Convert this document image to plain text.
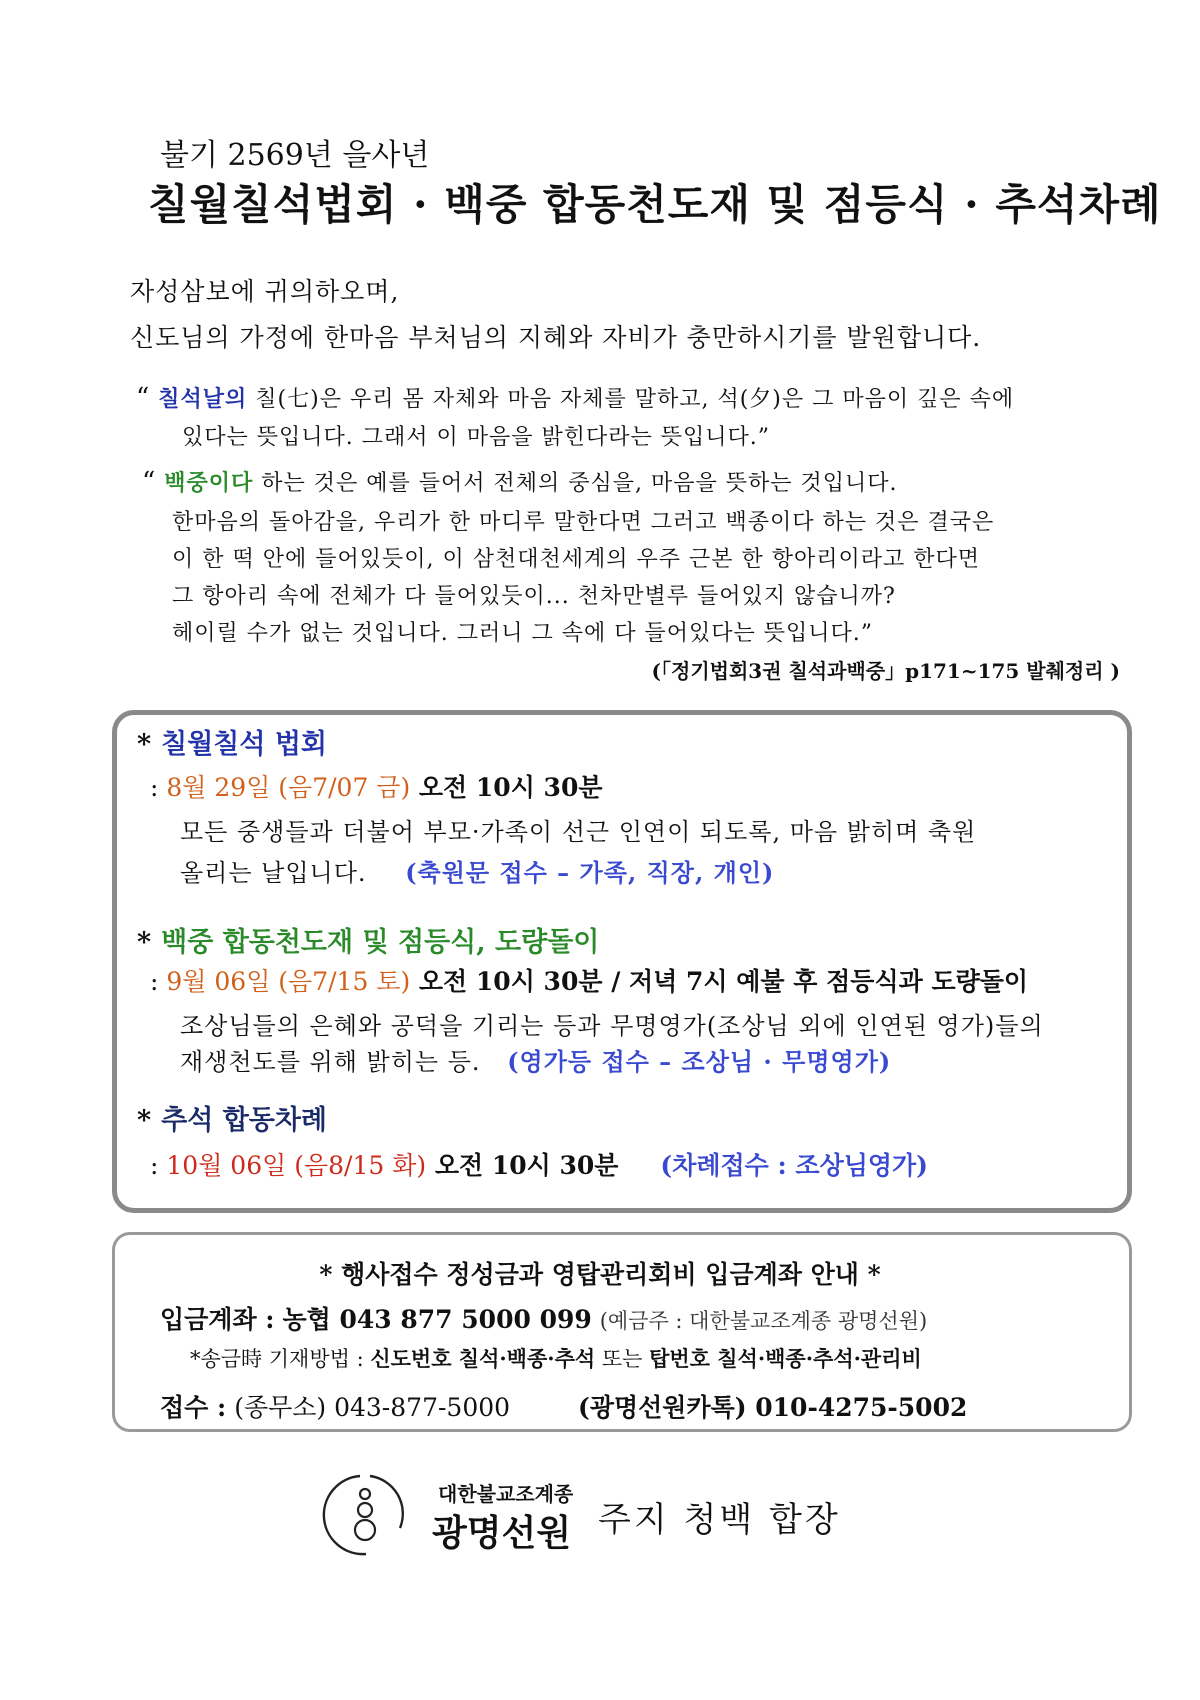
불기 2569년 을사년
칠월칠석법회 · 백중 합동천도재 및 점등식 · 추석차례
자성삼보에 귀의하오며,
신도님의 가정에 한마음 부처님의 지혜와 자비가 충만하시기를 발원합니다.
“ 칠석날의 칠(七)은 우리 몸 자체와 마음 자체를 말하고, 석(夕)은 그 마음이 깊은 속에
있다는 뜻입니다. 그래서 이 마음을 밝힌다라는 뜻입니다.”
“ 백중이다 하는 것은 예를 들어서 전체의 중심을, 마음을 뜻하는 것입니다.
한마음의 돌아감을, 우리가 한 마디루 말한다면 그러고 백종이다 하는 것은 결국은
이 한 떡 안에 들어있듯이, 이 삼천대천세계의 우주 근본 한 항아리이라고 한다면
그 항아리 속에 전체가 다 들어있듯이... 천차만별루 들어있지 않습니까?
헤이릴 수가 없는 것입니다. 그러니 그 속에 다 들어있다는 뜻입니다.”
(「정기법회3권 칠석과백중」p171~175 발췌정리 )
* 칠월칠석 법회
: 8월 29일 (음7/07 금) 오전 10시 30분
모든 중생들과 더불어 부모·가족이 선근 인연이 되도록, 마음 밝히며 축원
올리는 날입니다. (축원문 접수 – 가족, 직장, 개인)
* 백중 합동천도재 및 점등식, 도량돌이
: 9월 06일 (음7/15 토) 오전 10시 30분 / 저녁 7시 예불 후 점등식과 도량돌이
조상님들의 은혜와 공덕을 기리는 등과 무명영가(조상님 외에 인연된 영가)들의
재생천도를 위해 밝히는 등. (영가등 접수 – 조상님 · 무명영가)
* 추석 합동차례
: 10월 06일 (음8/15 화) 오전 10시 30분 (차례접수 : 조상님영가)
* 행사접수 정성금과 영탑관리회비 입금계좌 안내 *
입금계좌 : 농협 043 877 5000 099 (예금주 : 대한불교조계종 광명선원)
*송금時 기재방법 : 신도번호 칠석·백종·추석 또는 탑번호 칠석·백종·추석·관리비
접수 : (종무소) 043-877-5000	(광명선원카톡) 010-4275-5002
대한불교조계종
광명선원 주지 청백 합장
